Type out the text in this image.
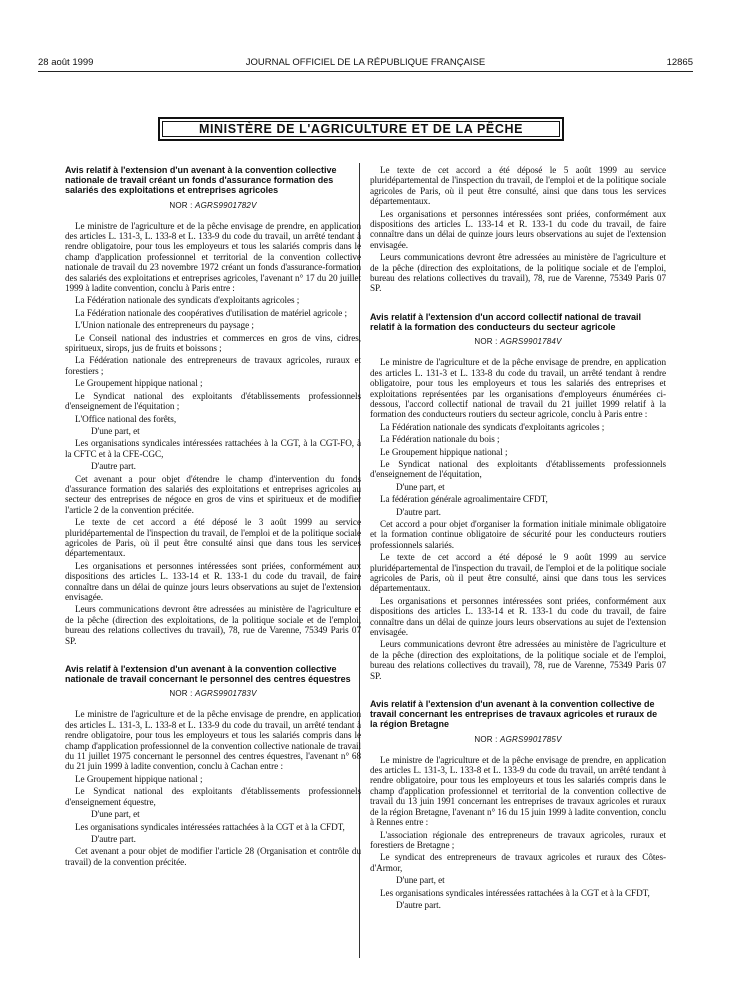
28 août 1999	JOURNAL OFFICIEL DE LA RÉPUBLIQUE FRANÇAISE	12865
MINISTÈRE DE L'AGRICULTURE ET DE LA PÊCHE
Avis relatif à l'extension d'un avenant à la convention collective nationale de travail créant un fonds d'assurance formation des salariés des exploitations et entreprises agricoles
NOR : AGRS9901782V

Le ministre de l'agriculture et de la pêche envisage de prendre, en application des articles L. 131-3, L. 133-8 et L. 133-9 du code du travail, un arrêté tendant à rendre obligatoire, pour tous les employeurs et tous les salariés compris dans le champ d'application professionnel et territorial de la convention collective nationale de travail du 23 novembre 1972 créant un fonds d'assurance-formation des salariés des exploitations et entreprises agricoles, l'avenant n° 17 du 20 juillet 1999 à ladite convention, conclu à Paris entre :

La Fédération nationale des syndicats d'exploitants agricoles ;

La Fédération nationale des coopératives d'utilisation de matériel agricole ;

L'Union nationale des entrepreneurs du paysage ;

Le Conseil national des industries et commerces en gros de vins, cidres, spiritueux, sirops, jus de fruits et boissons ;

La Fédération nationale des entrepreneurs de travaux agricoles, ruraux et forestiers ;

Le Groupement hippique national ;

Le Syndicat national des exploitants d'établissements professionnels d'enseignement de l'équitation ;

L'Office national des forêts,

D'une part, et

Les organisations syndicales intéressées rattachées à la CGT, à la CGT-FO, à la CFTC et à la CFE-CGC,

D'autre part.

Cet avenant a pour objet d'étendre le champ d'intervention du fonds d'assurance formation des salariés des exploitations et entreprises agricoles au secteur des entreprises de négoce en gros de vins et spiritueux et de modifier l'article 2 de la convention précitée.

Le texte de cet accord a été déposé le 3 août 1999 au service pluridépartemental de l'inspection du travail, de l'emploi et de la politique sociale agricoles de Paris, où il peut être consulté ainsi que dans tous les services départementaux.

Les organisations et personnes intéressées sont priées, conformément aux dispositions des articles L. 133-14 et R. 133-1 du code du travail, de faire connaître dans un délai de quinze jours leurs observations au sujet de l'extension envisagée.

Leurs communications devront être adressées au ministère de l'agriculture et de la pêche (direction des exploitations, de la politique sociale et de l'emploi, bureau des relations collectives du travail), 78, rue de Varenne, 75349 Paris 07 SP.

Avis relatif à l'extension d'un avenant à la convention collective nationale de travail concernant le personnel des centres équestres
NOR : AGRS9901783V

Le ministre de l'agriculture et de la pêche envisage de prendre, en application des articles L. 131-3, L. 133-8 et L. 133-9 du code du travail, un arrêté tendant à rendre obligatoire, pour tous les employeurs et tous les salariés compris dans le champ d'application professionnel de la convention collective nationale de travail du 11 juillet 1975 concernant le personnel des centres équestres, l'avenant n° 68 du 21 juin 1999 à ladite convention, conclu à Cachan entre :

Le Groupement hippique national ;

Le Syndicat national des exploitants d'établissements professionnels d'enseignement équestre,

D'une part, et

Les organisations syndicales intéressées rattachées à la CGT et à la CFDT,

D'autre part.

Cet avenant a pour objet de modifier l'article 28 (Organisation et contrôle du travail) de la convention précitée.

Le texte de cet accord a été déposé le 5 août 1999 au service pluridépartemental de l'inspection du travail, de l'emploi et de la politique sociale agricoles de Paris, où il peut être consulté, ainsi que dans tous les services départementaux.

Les organisations et personnes intéressées sont priées, conformément aux dispositions des articles L. 133-14 et R. 133-1 du code du travail, de faire connaître dans un délai de quinze jours leurs observations au sujet de l'extension envisagée.

Leurs communications devront être adressées au ministère de l'agriculture et de la pêche (direction des exploitations, de la politique sociale et de l'emploi, bureau des relations collectives du travail), 78, rue de Varenne, 75349 Paris 07 SP.

Avis relatif à l'extension d'un accord collectif national de travail relatif à la formation des conducteurs du secteur agricole
NOR : AGRS9901784V

Le ministre de l'agriculture et de la pêche envisage de prendre, en application des articles L. 131-3 et L. 133-8 du code du travail, un arrêté tendant à rendre obligatoire, pour tous les employeurs et tous les salariés des entreprises et exploitations représentées par les organisations d'employeurs énumérées ci-dessous, l'accord collectif national de travail du 21 juillet 1999 relatif à la formation des conducteurs routiers du secteur agricole, conclu à Paris entre :

La Fédération nationale des syndicats d'exploitants agricoles ;

La Fédération nationale du bois ;

Le Groupement hippique national ;

Le Syndicat national des exploitants d'établissements professionnels d'enseignement de l'équitation,

D'une part, et

La fédération générale agroalimentaire CFDT,

D'autre part.

Cet accord a pour objet d'organiser la formation initiale minimale obligatoire et la formation continue obligatoire de sécurité pour les conducteurs routiers professionnels salariés.

Le texte de cet accord a été déposé le 9 août 1999 au service pluridépartemental de l'inspection du travail, de l'emploi et de la politique sociale agricoles de Paris, où il peut être consulté, ainsi que dans tous les services départementaux.

Les organisations et personnes intéressées sont priées, conformément aux dispositions des articles L. 133-14 et R. 133-1 du code du travail, de faire connaître dans un délai de quinze jours leurs observations au sujet de l'extension envisagée.

Leurs communications devront être adressées au ministère de l'agriculture et de la pêche (direction des exploitations, de la politique sociale et de l'emploi, bureau des relations collectives du travail), 78, rue de Varenne, 75349 Paris 07 SP.

Avis relatif à l'extension d'un avenant à la convention collective de travail concernant les entreprises de travaux agricoles et ruraux de la région Bretagne
NOR : AGRS9901785V

Le ministre de l'agriculture et de la pêche envisage de prendre, en application des articles L. 131-3, L. 133-8 et L. 133-9 du code du travail, un arrêté tendant à rendre obligatoire, pour tous les employeurs et tous les salariés compris dans le champ d'application professionnel et territorial de la convention collective de travail du 13 juin 1991 concernant les entreprises de travaux agricoles et ruraux de la région Bretagne, l'avenant n° 16 du 15 juin 1999 à ladite convention, conclu à Rennes entre :

L'association régionale des entrepreneurs de travaux agricoles, ruraux et forestiers de Bretagne ;

Le syndicat des entrepreneurs de travaux agricoles et ruraux des Côtes-d'Armor,

D'une part, et

Les organisations syndicales intéressées rattachées à la CGT et à la CFDT,

D'autre part.
